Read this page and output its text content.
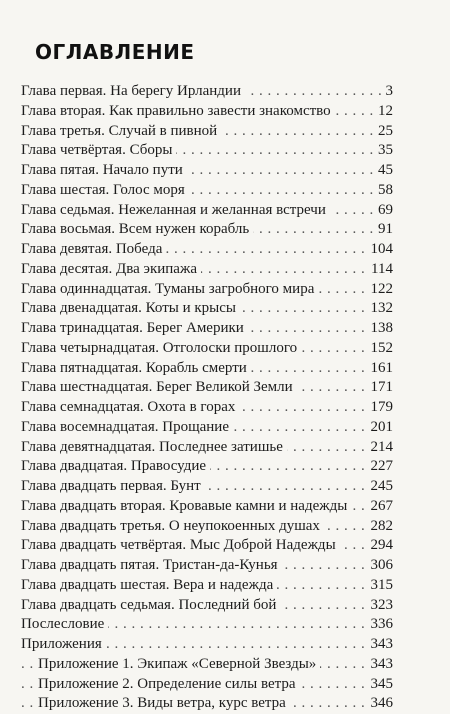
ОГЛАВЛЕНИЕ
. . . Глава первая. На берегу Ирландии	3
. . . Глава вторая. Как правильно завести знакомство	12
. . . Глава третья. Случай в пивной	25
. . . Глава четвёртая. Сборы	35
. . . Глава пятая. Начало пути	45
. . . Глава шестая. Голос моря	58
. . . Глава седьмая. Нежеланная и желанная встречи	69
. . . Глава восьмая. Всем нужен корабль	91
. . . Глава девятая. Победа	104
. . . Глава десятая. Два экипажа	114
. . . Глава одиннадцатая. Туманы загробного мира	122
. . . Глава двенадцатая. Коты и крысы	132
. . . Глава тринадцатая. Берег Америки	138
. . . Глава четырнадцатая. Отголоски прошлого	152
. . . Глава пятнадцатая. Корабль смерти	161
. . . Глава шестнадцатая. Берег Великой Земли	171
. . . Глава семнадцатая. Охота в горах	179
. . . Глава восемнадцатая. Прощание	201
. . . Глава девятнадцатая. Последнее затишье	214
. . . Глава двадцатая. Правосудие	227
. . . Глава двадцать первая. Бунт	245
. . . Глава двадцать вторая. Кровавые камни и надежды 267
. . . Глава двадцать третья. О неупокоенных душах	282
. . . Глава двадцать четвёртая. Мыс Доброй Надежды 294
. . . Глава двадцать пятая. Тристан-да-Кунья	306
. . . Глава двадцать шестая. Вера и надежда	315
. . . Глава двадцать седьмая. Последний бой	323
. . . Послесловие	336
. . . Приложения	343
. . . Приложение 1. Экипаж «Северной Звезды»	343
. . . Приложение 2. Определение силы ветра	345
. . . Приложение 3. Виды ветра, курс ветра	346
